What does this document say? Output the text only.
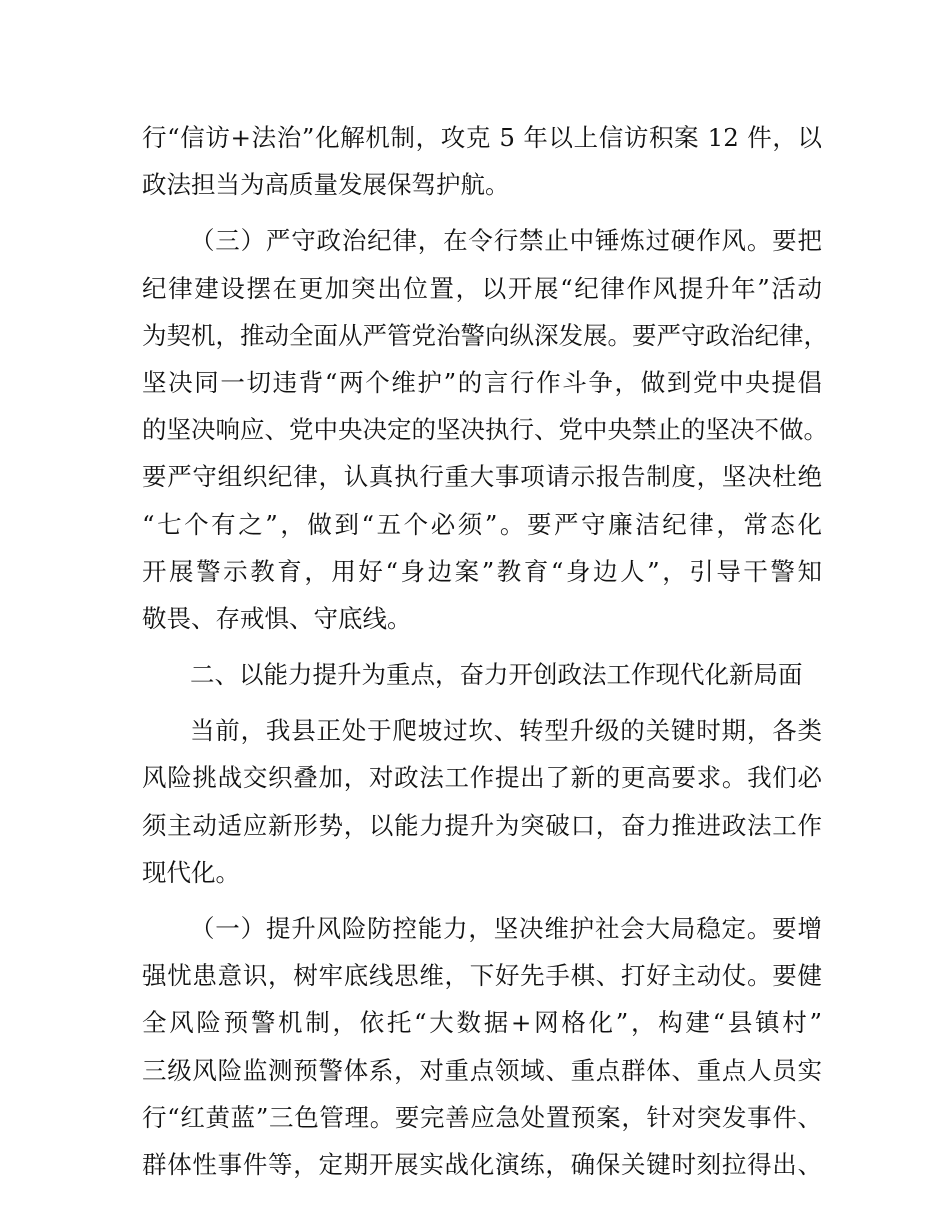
行“信访+法治”化解机制，攻克 5 年以上信访积案 12 件，以
政法担当为高质量发展保驾护航。
（三）严守政治纪律，在令行禁止中锤炼过硬作风。要把
纪律建设摆在更加突出位置，以开展“纪律作风提升年”活动
为契机，推动全面从严管党治警向纵深发展。要严守政治纪律，
坚决同一切违背“两个维护”的言行作斗争，做到党中央提倡
的坚决响应、党中央决定的坚决执行、党中央禁止的坚决不做。
要严守组织纪律，认真执行重大事项请示报告制度，坚决杜绝
“七个有之”，做到“五个必须”。要严守廉洁纪律，常态化
开展警示教育，用好“身边案”教育“身边人”，引导干警知
敬畏、存戒惧、守底线。
二、以能力提升为重点，奋力开创政法工作现代化新局面
当前，我县正处于爬坡过坎、转型升级的关键时期，各类
风险挑战交织叠加，对政法工作提出了新的更高要求。我们必
须主动适应新形势，以能力提升为突破口，奋力推进政法工作
现代化。
（一）提升风险防控能力，坚决维护社会大局稳定。要增
强忧患意识，树牢底线思维，下好先手棋、打好主动仗。要健
全风险预警机制，依托“大数据+网格化”，构建“县镇村”
三级风险监测预警体系，对重点领域、重点群体、重点人员实
行“红黄蓝”三色管理。要完善应急处置预案，针对突发事件、
群体性事件等，定期开展实战化演练，确保关键时刻拉得出、
